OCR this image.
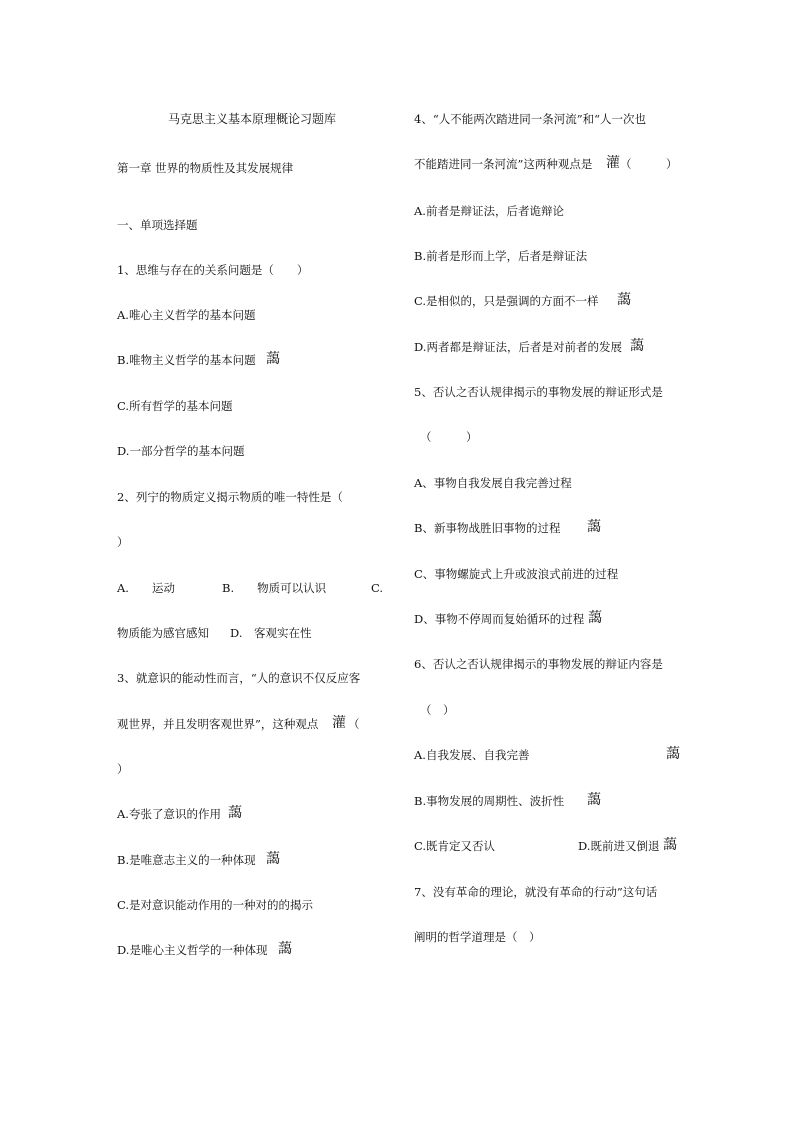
马克思主义基本原理概论习题库
第一章 世界的物质性及其发展规律
一、单项选择题
1、思维与存在的关系问题是（　　）
A.唯心主义哲学的基本问题
B.唯物主义哲学的基本问题 藹
C.所有哲学的基本问题
D.一部分哲学的基本问题
2、列宁的物质定义揭示物质的唯一特性是（
）
A.　　运动	B.　　物质可以认识	C.
物质能为感官感知 D.　客观实在性
3、就意识的能动性而言，“人的意识不仅反应客
观世界，并且发明客观世界”，这种观点 灌 （
）
A.夸张了意识的作用 藹
B.是唯意志主义的一种体现 藹
C.是对意识能动作用的一种对的的揭示
D.是唯心主义哲学的一种体现 藹
4、“人不能两次踏进同一条河流”和“人一次也
不能踏进同一条河流”这两种观点是 灌 （　　　）
A.前者是辩证法，后者诡辩论
B.前者是形而上学，后者是辩证法
C.是相似的，只是强调的方面不一样 藹
D.两者都是辩证法，后者是对前者的发展 藹
5、否认之否认规律揭示的事物发展的辩证形式是
（　　　）
A、事物自我发展自我完善过程
B、新事物战胜旧事物的过程 藹
C、事物螺旋式上升或波浪式前进的过程
D、事物不停周而复始循环的过程 藹
6、否认之否认规律揭示的事物发展的辩证内容是
（　）
A.自我发展、自我完善	藹
B.事物发展的周期性、波折性 藹
C.既肯定又否认	D.既前进又倒退 藹
7、没有革命的理论，就没有革命的行动”这句话
阐明的哲学道理是（　）
